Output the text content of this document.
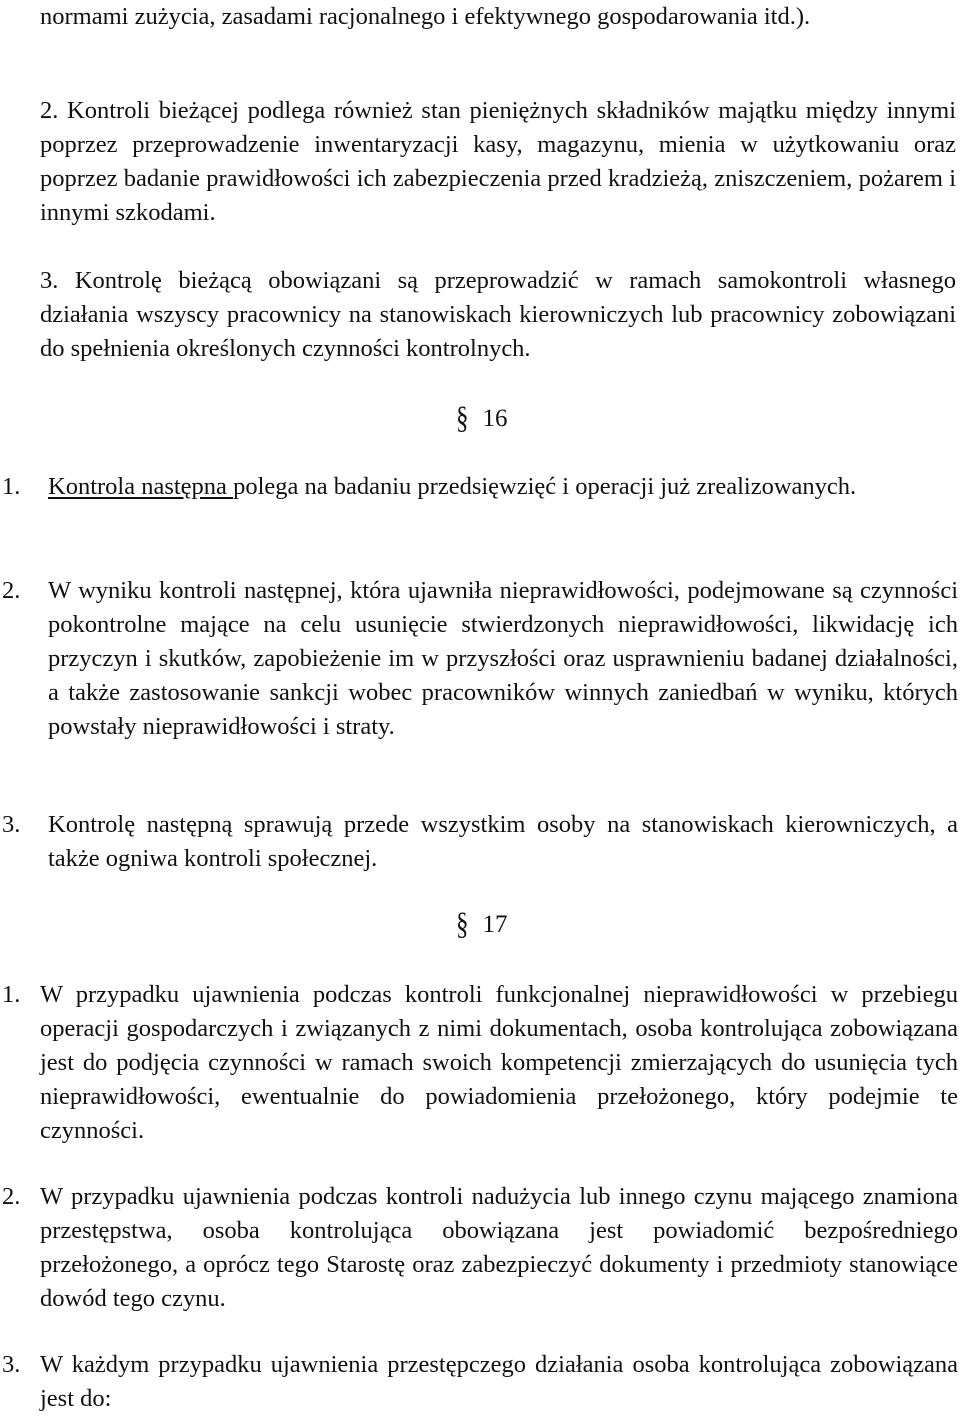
normami zużycia, zasadami racjonalnego i efektywnego gospodarowania itd.).

2. Kontroli bieżącej podlega również stan pieniężnych składników majątku między innymi poprzez przeprowadzenie inwentaryzacji kasy, magazynu, mienia w użytkowaniu oraz poprzez badanie prawidłowości ich zabezpieczenia przed kradzieżą, zniszczeniem, pożarem i innymi szkodami.

3. Kontrolę bieżącą obowiązani są przeprowadzić w ramach samokontroli własnego działania wszyscy pracownicy na stanowiskach kierowniczych lub pracownicy zobowiązani do spełnienia określonych czynności kontrolnych.

§ 16
1. Kontrola następna polega na badaniu przedsięwzięć i operacji już zrealizowanych.
2. W wyniku kontroli następnej, która ujawniła nieprawidłowości, podejmowane są czynności pokontrolne mające na celu usunięcie stwierdzonych nieprawidłowości, likwidację ich przyczyn i skutków, zapobieżenie im w przyszłości oraz usprawnieniu badanej działalności, a także zastosowanie sankcji wobec pracowników winnych zaniedbań w wyniku, których powstały nieprawidłowości i straty.
3. Kontrolę następną sprawują przede wszystkim osoby na stanowiskach kierowniczych, a także ogniwa kontroli społecznej.
§ 17
1. W przypadku ujawnienia podczas kontroli funkcjonalnej nieprawidłowości w przebiegu operacji gospodarczych i związanych z nimi dokumentach, osoba kontrolująca zobowiązana jest do podjęcia czynności w ramach swoich kompetencji zmierzających do usunięcia tych nieprawidłowości, ewentualnie do powiadomienia przełożonego, który podejmie te czynności.
2. W przypadku ujawnienia podczas kontroli nadużycia lub innego czynu mającego znamiona przestępstwa, osoba kontrolująca obowiązana jest powiadomić bezpośredniego przełożonego, a oprócz tego Starostę oraz zabezpieczyć dokumenty i przedmioty stanowiące dowód tego czynu.
3. W każdym przypadku ujawnienia przestępczego działania osoba kontrolująca zobowiązana jest do:
